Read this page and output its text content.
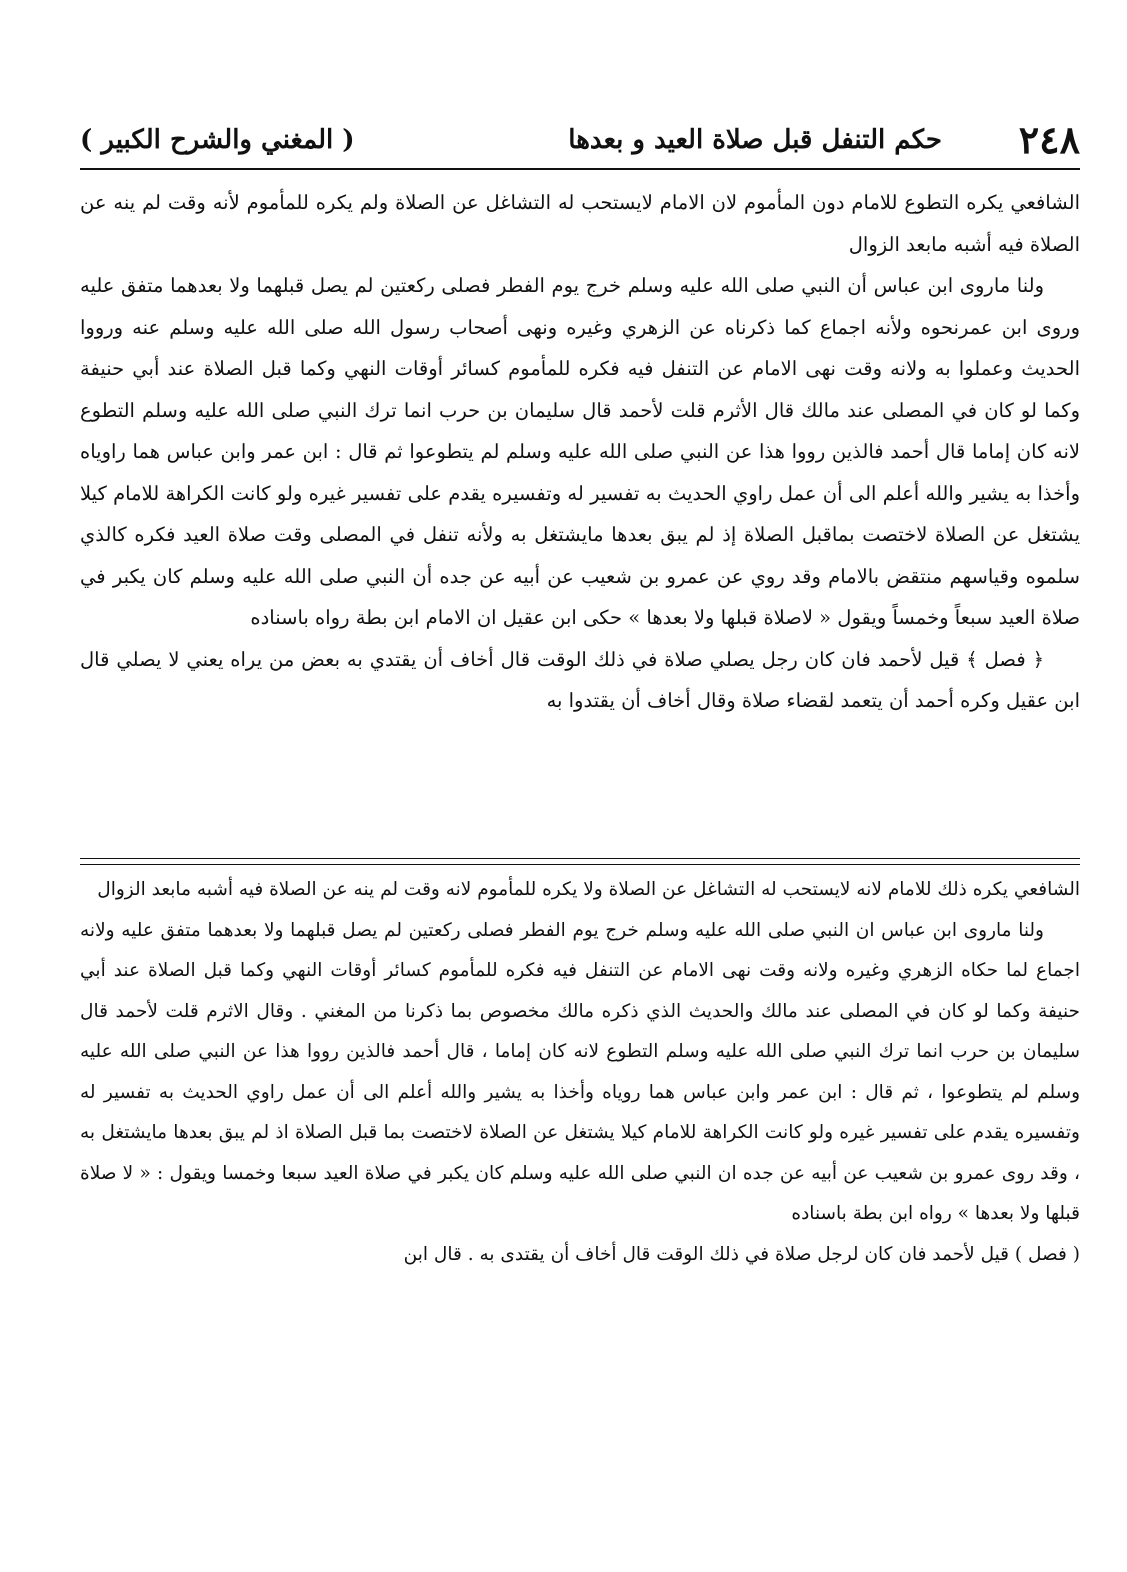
٢٤٨
حكم التنفل قبل صلاة العيد و بعدها
( المغني والشرح الكبير )

الشافعي يكره التطوع للامام دون المأموم لان الامام لايستحب له التشاغل عن الصلاة ولم يكره للمأموم لأنه وقت لم ينه عن الصلاة فيه أشبه مابعد الزوال

ولنا ماروى ابن عباس أن النبي صلى الله عليه وسلم خرج يوم الفطر فصلى ركعتين لم يصل قبلهما ولا بعدهما متفق عليه وروى ابن عمرنحوه ولأنه اجماع كما ذكرناه عن الزهري وغيره ونهى أصحاب رسول الله صلى الله عليه وسلم عنه ورووا الحديث وعملوا به ولانه وقت نهى الامام عن التنفل فيه فكره للمأموم كسائر أوقات النهي وكما قبل الصلاة عند أبي حنيفة وكما لو كان في المصلى عند مالك قال الأثرم قلت لأحمد قال سليمان بن حرب انما ترك النبي صلى الله عليه وسلم التطوع لانه كان إماما قال أحمد فالذين رووا هذا عن النبي صلى الله عليه وسلم لم يتطوعوا ثم قال : ابن عمر وابن عباس هما راوياه وأخذا به يشير والله أعلم الى أن عمل راوي الحديث به تفسير له وتفسيره يقدم على تفسير غيره ولو كانت الكراهة للامام كيلا يشتغل عن الصلاة لاختصت بماقبل الصلاة إذ لم يبق بعدها مايشتغل به ولأنه تنفل في المصلى وقت صلاة العيد فكره كالذي سلموه وقياسهم منتقض بالامام وقد روي عن عمرو بن شعيب عن أبيه عن جده أن النبي صلى الله عليه وسلم كان يكبر في صلاة العيد سبعاً وخمساً ويقول « لاصلاة قبلها ولا بعدها » حكى ابن عقيل ان الامام ابن بطة رواه باسناده

﴿ فصل ﴾ قيل لأحمد فان كان رجل يصلي صلاة في ذلك الوقت قال أخاف أن يقتدي به بعض من يراه يعني لا يصلي قال ابن عقيل وكره أحمد أن يتعمد لقضاء صلاة وقال أخاف أن يقتدوا به

الشافعي يكره ذلك للامام لانه لايستحب له التشاغل عن الصلاة ولا يكره للمأموم لانه وقت لم ينه عن الصلاة فيه أشبه مابعد الزوال

ولنا ماروى ابن عباس ان النبي صلى الله عليه وسلم خرج يوم الفطر فصلى ركعتين لم يصل قبلهما ولا بعدهما متفق عليه ولانه اجماع لما حكاه الزهري وغيره ولانه وقت نهى الامام عن التنفل فيه فكره للمأموم كسائر أوقات النهي وكما قبل الصلاة عند أبي حنيفة وكما لو كان في المصلى عند مالك والحديث الذي ذكره مالك مخصوص بما ذكرنا من المغني . وقال الاثرم قلت لأحمد قال سليمان بن حرب انما ترك النبي صلى الله عليه وسلم التطوع لانه كان إماما ، قال أحمد فالذين رووا هذا عن النبي صلى الله عليه وسلم لم يتطوعوا ، ثم قال : ابن عمر وابن عباس هما روياه وأخذا به يشير والله أعلم الى أن عمل راوي الحديث به تفسير له وتفسيره يقدم على تفسير غيره ولو كانت الكراهة للامام كيلا يشتغل عن الصلاة لاختصت بما قبل الصلاة اذ لم يبق بعدها مايشتغل به ، وقد روى عمرو بن شعيب عن أبيه عن جده ان النبي صلى الله عليه وسلم كان يكبر في صلاة العيد سبعا وخمسا ويقول : « لا صلاة قبلها ولا بعدها » رواه ابن بطة باسناده

( فصل ) قيل لأحمد فان كان لرجل صلاة في ذلك الوقت قال أخاف أن يقتدى به . قال ابن
